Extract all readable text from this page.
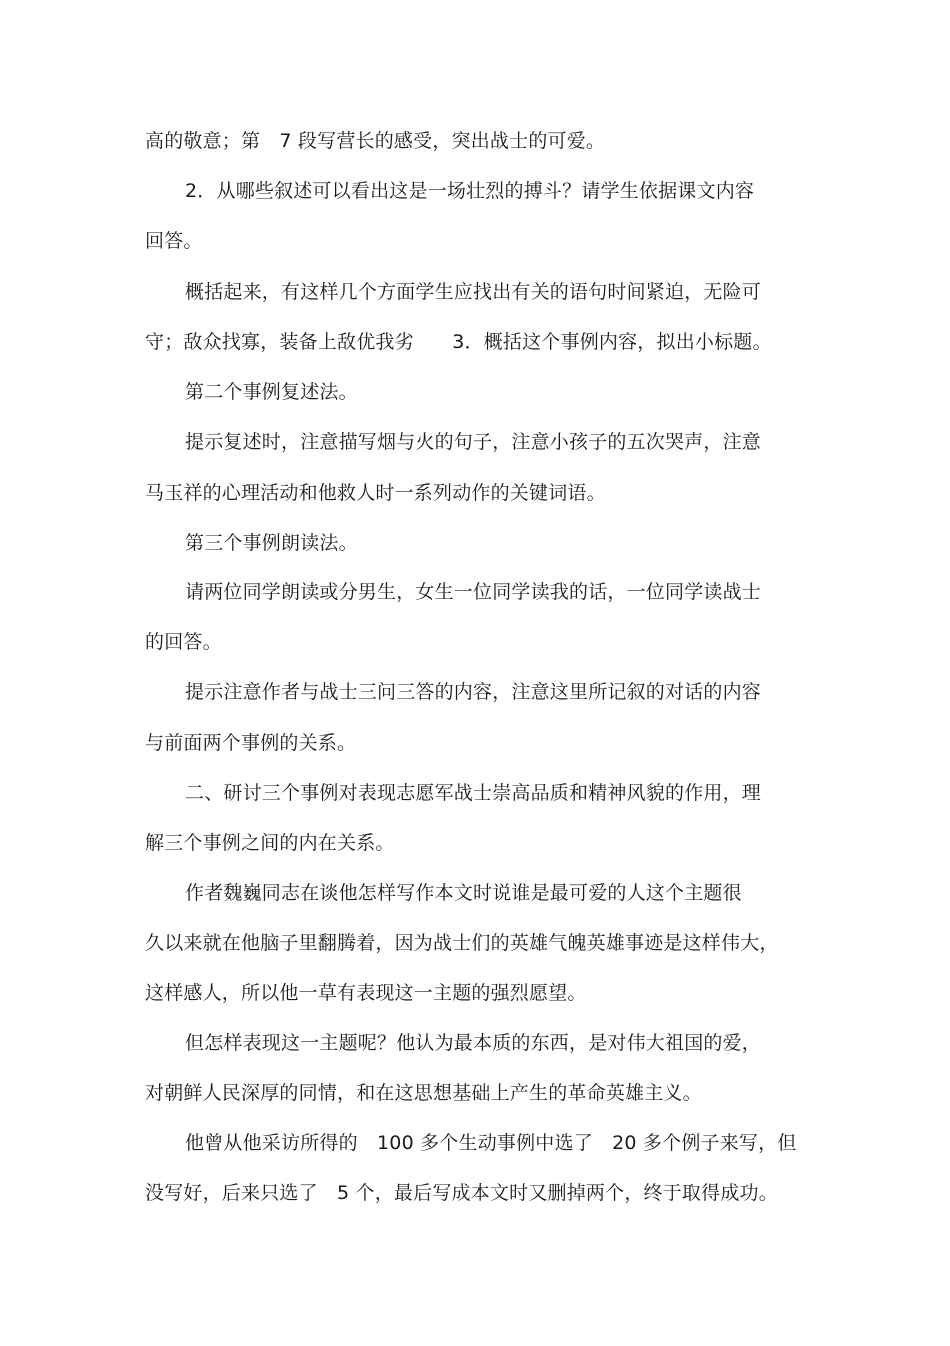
高的敬意；第　7 段写营长的感受，突出战士的可爱。
2．从哪些叙述可以看出这是一场壮烈的搏斗？请学生依据课文内容
回答。
概括起来，有这样几个方面学生应找出有关的语句时间紧迫，无险可
守；敌众找寡，装备上敌优我劣　　3．概括这个事例内容，拟出小标题。
第二个事例复述法。
提示复述时，注意描写烟与火的句子，注意小孩子的五次哭声，注意
马玉祥的心理活动和他救人时一系列动作的关键词语。
第三个事例朗读法。
请两位同学朗读或分男生，女生一位同学读我的话，一位同学读战士
的回答。
提示注意作者与战士三问三答的内容，注意这里所记叙的对话的内容
与前面两个事例的关系。
二、研讨三个事例对表现志愿军战士崇高品质和精神风貌的作用，理
解三个事例之间的内在关系。
作者魏巍同志在谈他怎样写作本文时说谁是最可爱的人这个主题很
久以来就在他脑子里翻腾着，因为战士们的英雄气魄英雄事迹是这样伟大，
这样感人，所以他一草有表现这一主题的强烈愿望。
但怎样表现这一主题呢？他认为最本质的东西，是对伟大祖国的爱，
对朝鲜人民深厚的同情，和在这思想基础上产生的革命英雄主义。
他曾从他采访所得的　100 多个生动事例中选了　20 多个例子来写，但
没写好，后来只选了　5 个，最后写成本文时又删掉两个，终于取得成功。
